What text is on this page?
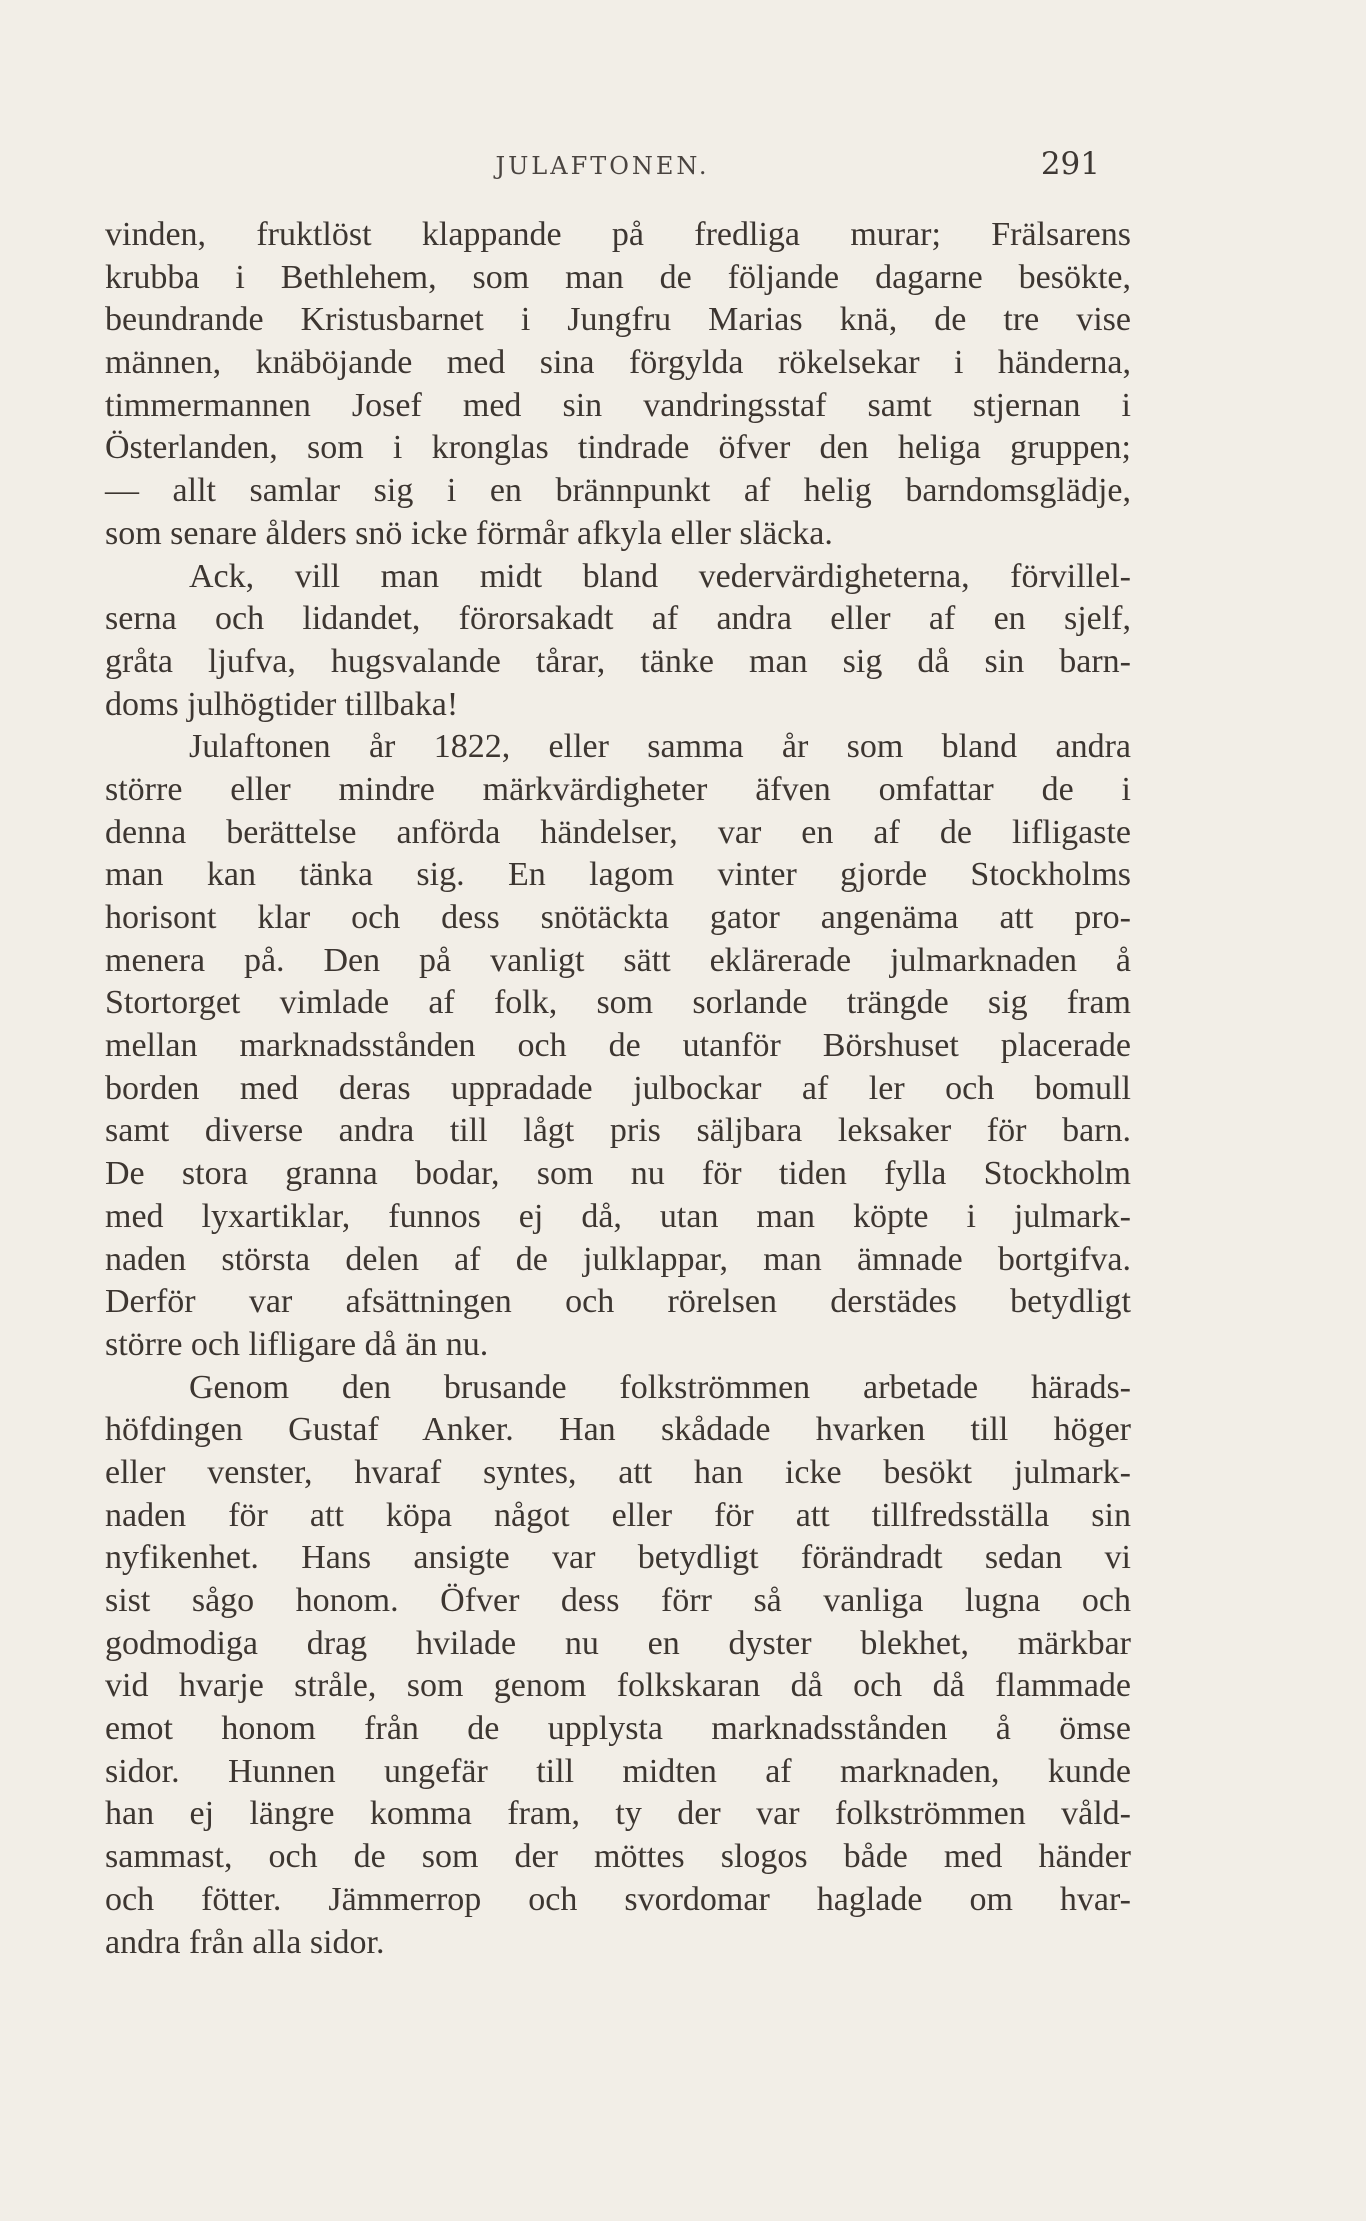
JULAFTONEN.	291
vinden, fruktlöst klappande på fredliga murar; Frälsarens
krubba i Bethlehem, som man de följande dagarne besökte,
beundrande Kristusbarnet i Jungfru Marias knä, de tre vise
männen, knäböjande med sina förgylda rökelsekar i händerna,
timmermannen Josef med sin vandringsstaf samt stjernan i
Österlanden, som i kronglas tindrade öfver den heliga gruppen;
— allt samlar sig i en brännpunkt af helig barndomsglädje,
som senare ålders snö icke förmår afkyla eller släcka.
Ack, vill man midt bland vedervärdigheterna, förvillel-
serna och lidandet, förorsakadt af andra eller af en sjelf,
gråta ljufva, hugsvalande tårar, tänke man sig då sin barn-
doms julhögtider tillbaka!
Julaftonen år 1822, eller samma år som bland andra
större eller mindre märkvärdigheter äfven omfattar de i
denna berättelse anförda händelser, var en af de lifligaste
man kan tänka sig. En lagom vinter gjorde Stockholms
horisont klar och dess snötäckta gator angenäma att pro-
menera på. Den på vanligt sätt eklärerade julmarknaden å
Stortorget vimlade af folk, som sorlande trängde sig fram
mellan marknadsstånden och de utanför Börshuset placerade
borden med deras uppradade julbockar af ler och bomull
samt diverse andra till lågt pris säljbara leksaker för barn.
De stora granna bodar, som nu för tiden fylla Stockholm
med lyxartiklar, funnos ej då, utan man köpte i julmark-
naden största delen af de julklappar, man ämnade bortgifva.
Derför var afsättningen och rörelsen derstädes betydligt
större och lifligare då än nu.
Genom den brusande folkströmmen arbetade härads-
höfdingen Gustaf Anker. Han skådade hvarken till höger
eller venster, hvaraf syntes, att han icke besökt julmark-
naden för att köpa något eller för att tillfredsställa sin
nyfikenhet. Hans ansigte var betydligt förändradt sedan vi
sist sågo honom. Öfver dess förr så vanliga lugna och
godmodiga drag hvilade nu en dyster blekhet, märkbar
vid hvarje stråle, som genom folkskaran då och då flammade
emot honom från de upplysta marknadsstånden å ömse
sidor. Hunnen ungefär till midten af marknaden, kunde
han ej längre komma fram, ty der var folkströmmen våld-
sammast, och de som der möttes slogos både med händer
och fötter. Jämmerrop och svordomar haglade om hvar-
andra från alla sidor.
